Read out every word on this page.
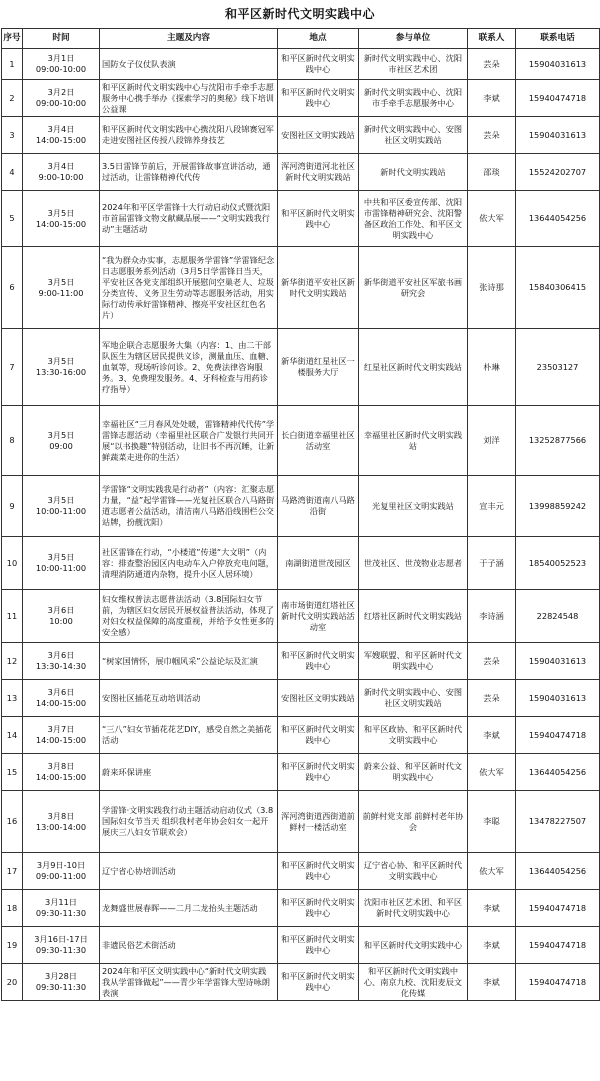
和平区新时代文明实践中心
序号	时间	主题及内容	地点	参与单位	联系人	联系电话
1	3月1日
09:00-10:00	国防女子仪仗队表演	和平区新时代文明实践中心	新时代文明实践中心、沈阳市社区艺术团	芸朵	15904031613
2	3月2日
09:00-10:00	和平区新时代文明实践中心与沈阳市手牵手志愿服务中心携手举办《探索学习的奥秘》线下培训公益课	和平区新时代文明实践中心	新时代文明实践中心、沈阳市手牵手志愿服务中心	李斌	15940474718
3	3月4日
14:00-15:00	和平区新时代文明实践中心携沈阳八段锦赛冠军走进安图社区传授八段锦养身技艺	安图社区文明实践站	新时代文明实践中心、安图社区文明实践站	芸朵	15904031613
4	3月4日
9:00-10:00	3.5日雷锋节前后，开展雷锋故事宣讲活动，通过活动，让雷锋精神代代传	浑河湾街道河北社区新时代文明实践站	新时代文明实践站	邵琰	15524202707
5	3月5日
14:00-15:00	2024年和平区学雷锋十大行动启动仪式暨沈阳市首届雷锋文物文献藏品展——“文明实践我行动”主题活动	和平区新时代文明实践中心	中共和平区委宣传部、沈阳市雷锋精神研究会、沈阳警备区政治工作处、和平区文明实践中心	依大军	13644054256
6	3月5日
9:00-11:00	“我为群众办实事，志愿服务学雷锋”学雷锋纪念日志愿服务系列活动（3月5日学雷锋日当天，平安社区各党支部组织开展慰问空巢老人、垃圾分类宣传、义务卫生劳动等志愿服务活动，用实际行动传承好雷锋精神、擦亮平安社区红色名片）	新华街道平安社区新时代文明实践站	新华街道平安社区军旅书画研究会	张诗那	15840306415
7	3月5日
13:30-16:00	军地企联合志愿服务大集（内容：1、由二干部队医生为辖区居民提供义诊，测量血压、血糖、血氧等，现场听诊问诊。2、免费法律咨询服务。3、免费理发服务。4、牙科检查与用药诊疗指导）	新华街道红星社区一楼服务大厅	红星社区新时代文明实践站	朴琳	23503127
8	3月5日
09:00	幸福社区“三月春风处处暖，雷锋精神代代传”学雷锋志愿活动（幸福里社区联合广发银行共同开展“以书换趣”特别活动，让旧书不再沉睡，让新鲜蔬菜走进你的生活）	长白街道幸福里社区活动室	幸福里社区新时代文明实践站	刘洋	13252877566
9	3月5日
10:00-11:00	学雷锋“文明实践我是行动者”（内容：汇聚志愿力量，“益”起学雷锋——光复社区联合八马路街道志愿者公益活动，清洁南八马路沿线围栏公交站牌，扮靓沈阳）	马路湾街道南八马路沿街	光复里社区文明实践站	宣丰元	13998859242
10	3月5日
10:00-11:00	社区雷锋在行动，“小楼道”传递“大文明”（内容：排查整治园区内电动车入户停放充电问题，清理消防通道内杂物，提升小区人居环境）	南湖街道世茂园区	世茂社区、世茂物业志愿者	于子涵	18540052523
11	3月6日
10:00	妇女维权普法志愿普法活动（3.8国际妇女节前，为辖区妇女居民开展权益普法活动，体现了对妇女权益保障的高度重视，并给予女性更多的安全感）	南市场街道红塔社区新时代文明实践站活动室	红塔社区新时代文明实践站	李诗涵	22824548
12	3月6日
13:30-14:30	“树家国情怀，展巾帼风采”公益论坛及汇演	和平区新时代文明实践中心	军嫂联盟、和平区新时代文明实践中心	芸朵	15904031613
13	3月6日
14:00-15:00	安图社区插花互动培训活动	安图社区文明实践站	新时代文明实践中心、安图社区文明实践站	芸朵	15904031613
14	3月7日
14:00-15:00	“三八”妇女节插花花艺DIY，感受自然之美插花活动	和平区新时代文明实践中心	和平区政协、和平区新时代文明实践中心	李斌	15940474718
15	3月8日
14:00-15:00	蔚来环保讲座	和平区新时代文明实践中心	蔚来公益、和平区新时代文明实践中心	依大军	13644054256
16	3月8日
13:00-14:00	学雷锋·文明实践我行动主题活动启动仪式（3.8国际妇女节当天 组织我村老年协会妇女一起开展庆三八妇女节联欢会）	浑河湾街道西街道前鲜村一楼活动室	前鲜村党支部 前鲜村老年协会	李聪	13478227507
17	3月9日-10日
09:00-11:00	辽宁省心协培训活动	和平区新时代文明实践中心	辽宁省心协、和平区新时代文明实践中心	依大军	13644054256
18	3月11日
09:30-11:30	龙舞盛世展春晖——二月二龙抬头主题活动	和平区新时代文明实践中心	沈阳市社区艺术团、和平区新时代文明实践中心	李斌	15940474718
19	3月16日-17日
09:30-11:30	非遗民俗艺术街活动	和平区新时代文明实践中心	和平区新时代文明实践中心	李斌	15940474718
20	3月28日
09:30-11:30	2024年和平区文明实践中心“新时代文明实践 我从学雷锋做起”——青少年学雷锋大型诗咏朗表演	和平区新时代文明实践中心	和平区新时代文明实践中心、南京九校、沈阳麦辰文化传媒	李斌	15940474718
